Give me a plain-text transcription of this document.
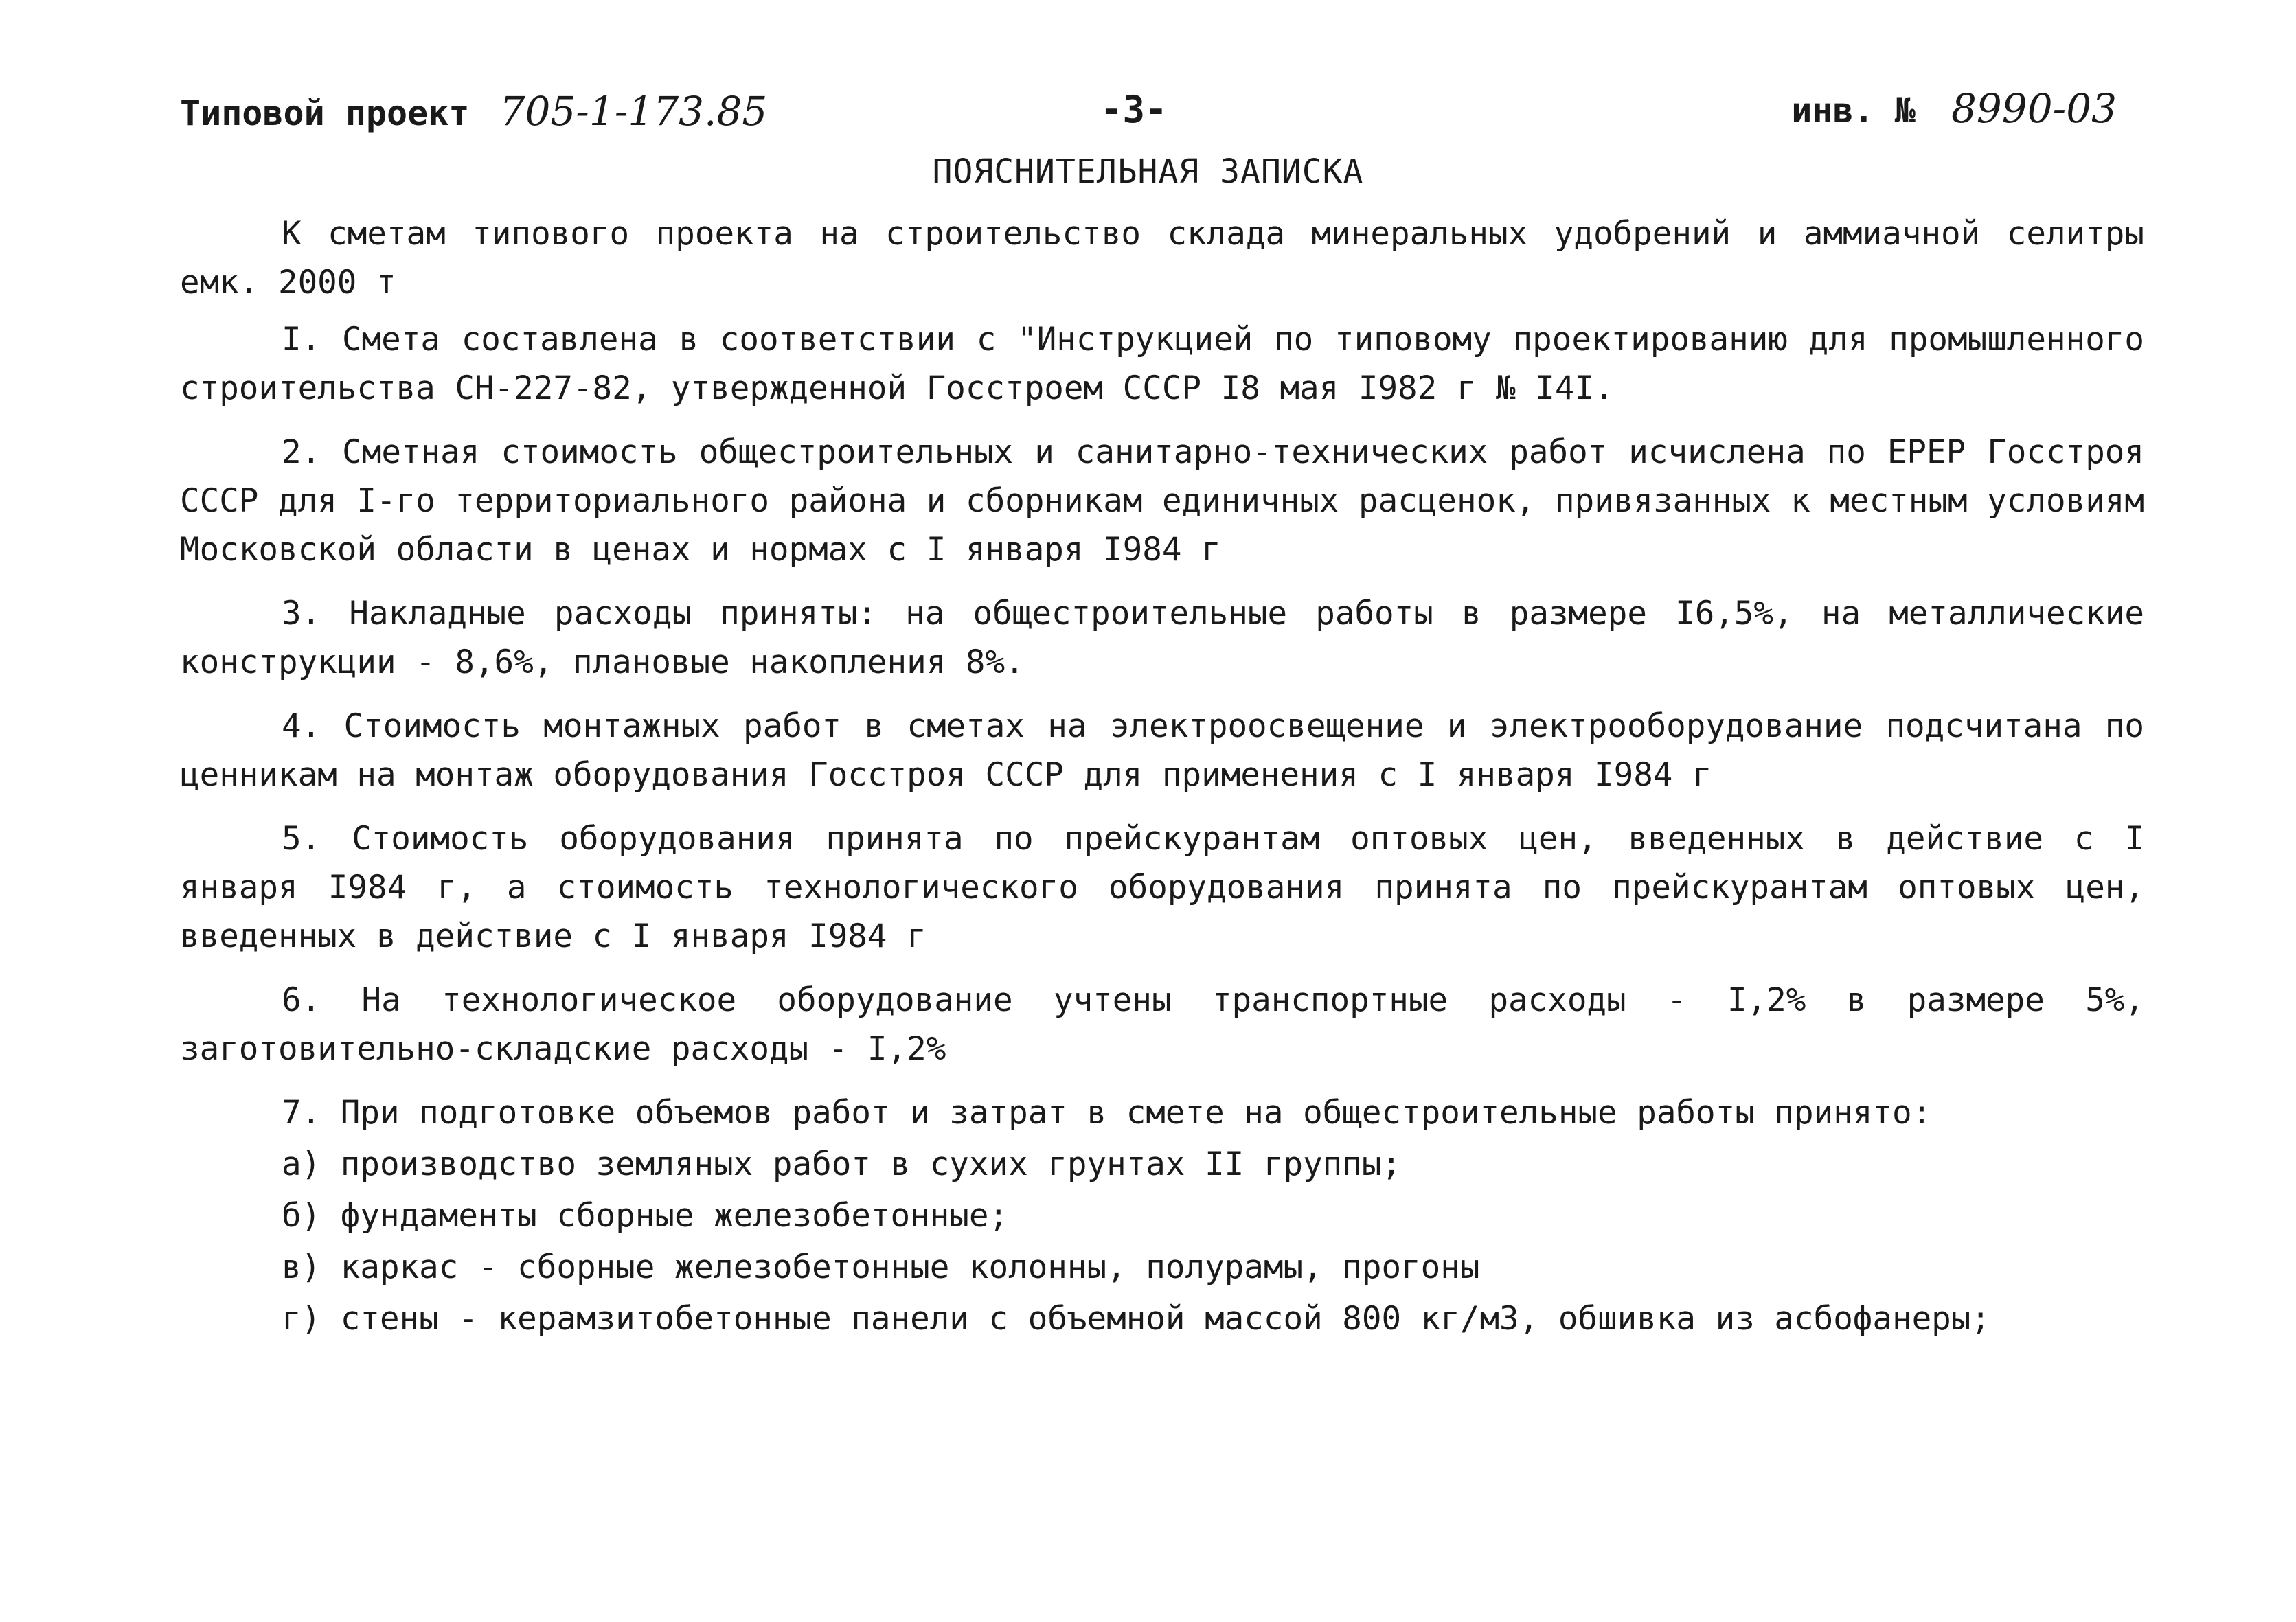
Типовой проект 705-1-173.85	-3-	инв. № 8990-03
ПОЯСНИТЕЛЬНАЯ ЗАПИСКА

К сметам типового проекта на строительство склада минеральных удобрений и аммиачной селитры емк. 2000 т

I. Смета составлена в соответствии с "Инструкцией по типовому проектированию для промышленного строительства СН-227-82, утвержденной Госстроем СССР I8 мая I982 г № I4I.

2. Сметная стоимость общестроительных и санитарно-технических работ исчислена по ЕРЕР Госстроя СССР для I-го территориального района и сборникам единичных расценок, привязанных к местным условиям Московской области в ценах и нормах с I января I984 г

3. Накладные расходы приняты: на общестроительные работы в размере I6,5%, на металлические конструкции - 8,6%, плановые накопления 8%.

4. Стоимость монтажных работ в сметах на электроосвещение и электрооборудование подсчитана по ценникам на монтаж оборудования Госстроя СССР для применения с I января I984 г

5. Стоимость оборудования принята по прейскурантам оптовых цен, введенных в действие с I января I984 г, а стоимость технологического оборудования принята по прейскурантам оптовых цен, введенных в действие с I января I984 г

6. На технологическое оборудование учтены транспортные расходы - I,2% в размере 5%, заготовительно-складские расходы - I,2%

7. При подготовке объемов работ и затрат в смете на общестроительные работы принято:

а) производство земляных работ в сухих грунтах II группы;
б) фундаменты сборные железобетонные;
в) каркас - сборные железобетонные колонны, полурамы, прогоны
г) стены - керамзитобетонные панели с объемной массой 800 кг/м3, обшивка из асбофанеры;
